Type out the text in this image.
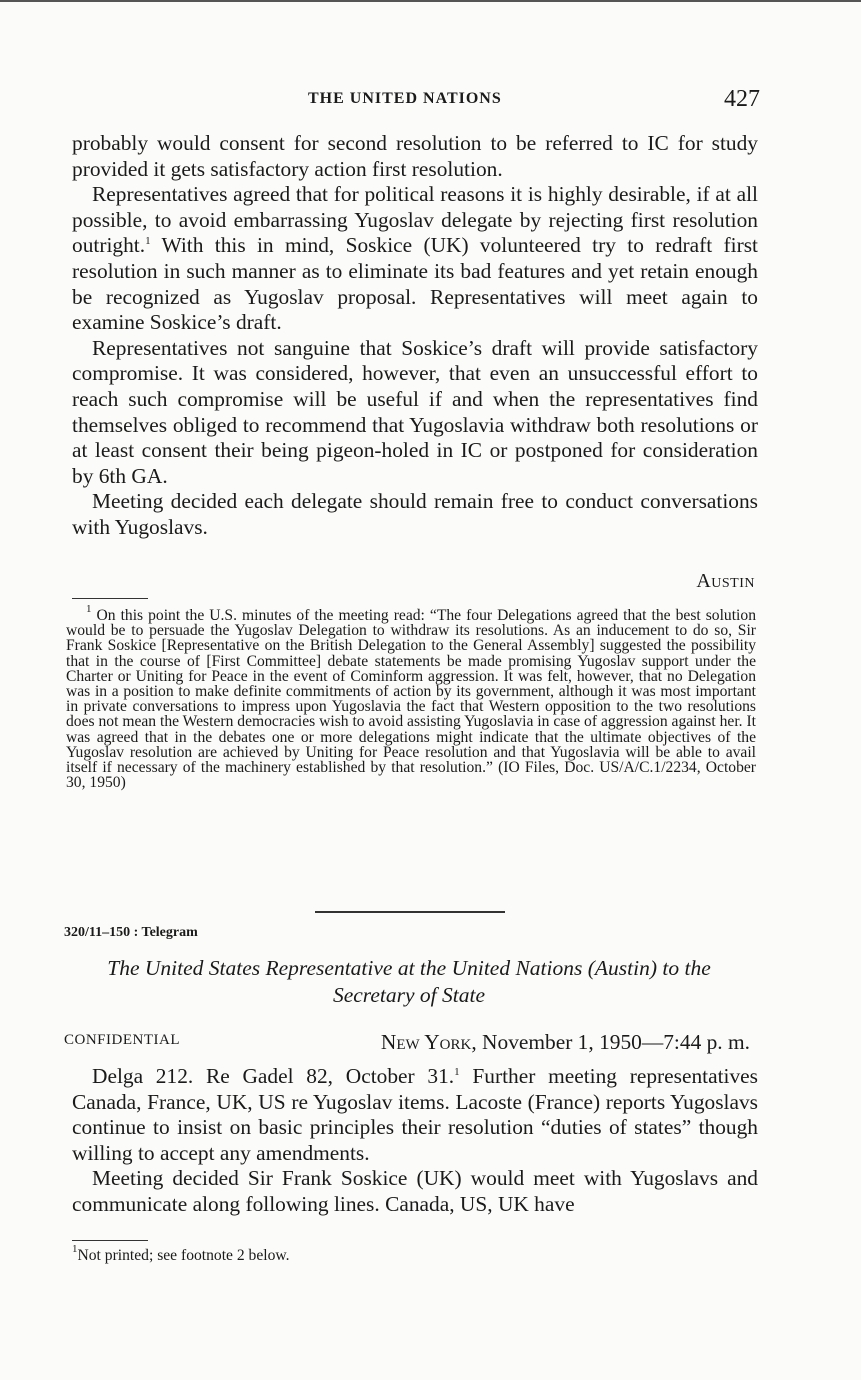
THE UNITED NATIONS	427

probably would consent for second resolution to be referred to IC for study provided it gets satisfactory action first resolution.

Representatives agreed that for political reasons it is highly desirable, if at all possible, to avoid embarrassing Yugoslav delegate by rejecting first resolution outright.$^1$ With this in mind, Soskice (UK) volunteered try to redraft first resolution in such manner as to eliminate its bad features and yet retain enough be recognized as Yugoslav proposal. Representatives will meet again to examine Soskice’s draft.

Representatives not sanguine that Soskice’s draft will provide satisfactory compromise. It was considered, however, that even an unsuccessful effort to reach such compromise will be useful if and when the representatives find themselves obliged to recommend that Yugoslavia withdraw both resolutions or at least consent their being pigeon-holed in IC or postponed for consideration by 6th GA.

Meeting decided each delegate should remain free to conduct conversations with Yugoslavs.

Austin

$^1$ On this point the U.S. minutes of the meeting read: “The four Delegations agreed that the best solution would be to persuade the Yugoslav Delegation to withdraw its resolutions. As an inducement to do so, Sir Frank Soskice [Representative on the British Delegation to the General Assembly] suggested the possibility that in the course of [First Committee] debate statements be made promising Yugoslav support under the Charter or Uniting for Peace in the event of Cominform aggression. It was felt, however, that no Delegation was in a position to make definite commitments of action by its government, although it was most important in private conversations to impress upon Yugoslavia the fact that Western opposition to the two resolutions does not mean the Western democracies wish to avoid assisting Yugoslavia in case of aggression against her. It was agreed that in the debates one or more delegations might indicate that the ultimate objectives of the Yugoslav resolution are achieved by Uniting for Peace resolution and that Yugoslavia will be able to avail itself if necessary of the machinery established by that resolution.” (IO Files, Doc. US/A/C.1/2234, October 30, 1950)

320/11–150 : Telegram
The United States Representative at the United Nations (Austin) to the Secretary of State
CONFIDENTIAL	New York, November 1, 1950—7:44 p. m.

Delga 212. Re Gadel 82, October 31.$^1$ Further meeting representatives Canada, France, UK, US re Yugoslav items. Lacoste (France) reports Yugoslavs continue to insist on basic principles their resolution “duties of states” though willing to accept any amendments.

Meeting decided Sir Frank Soskice (UK) would meet with Yugoslavs and communicate along following lines. Canada, US, UK have

$^1$Not printed; see footnote 2 below.
